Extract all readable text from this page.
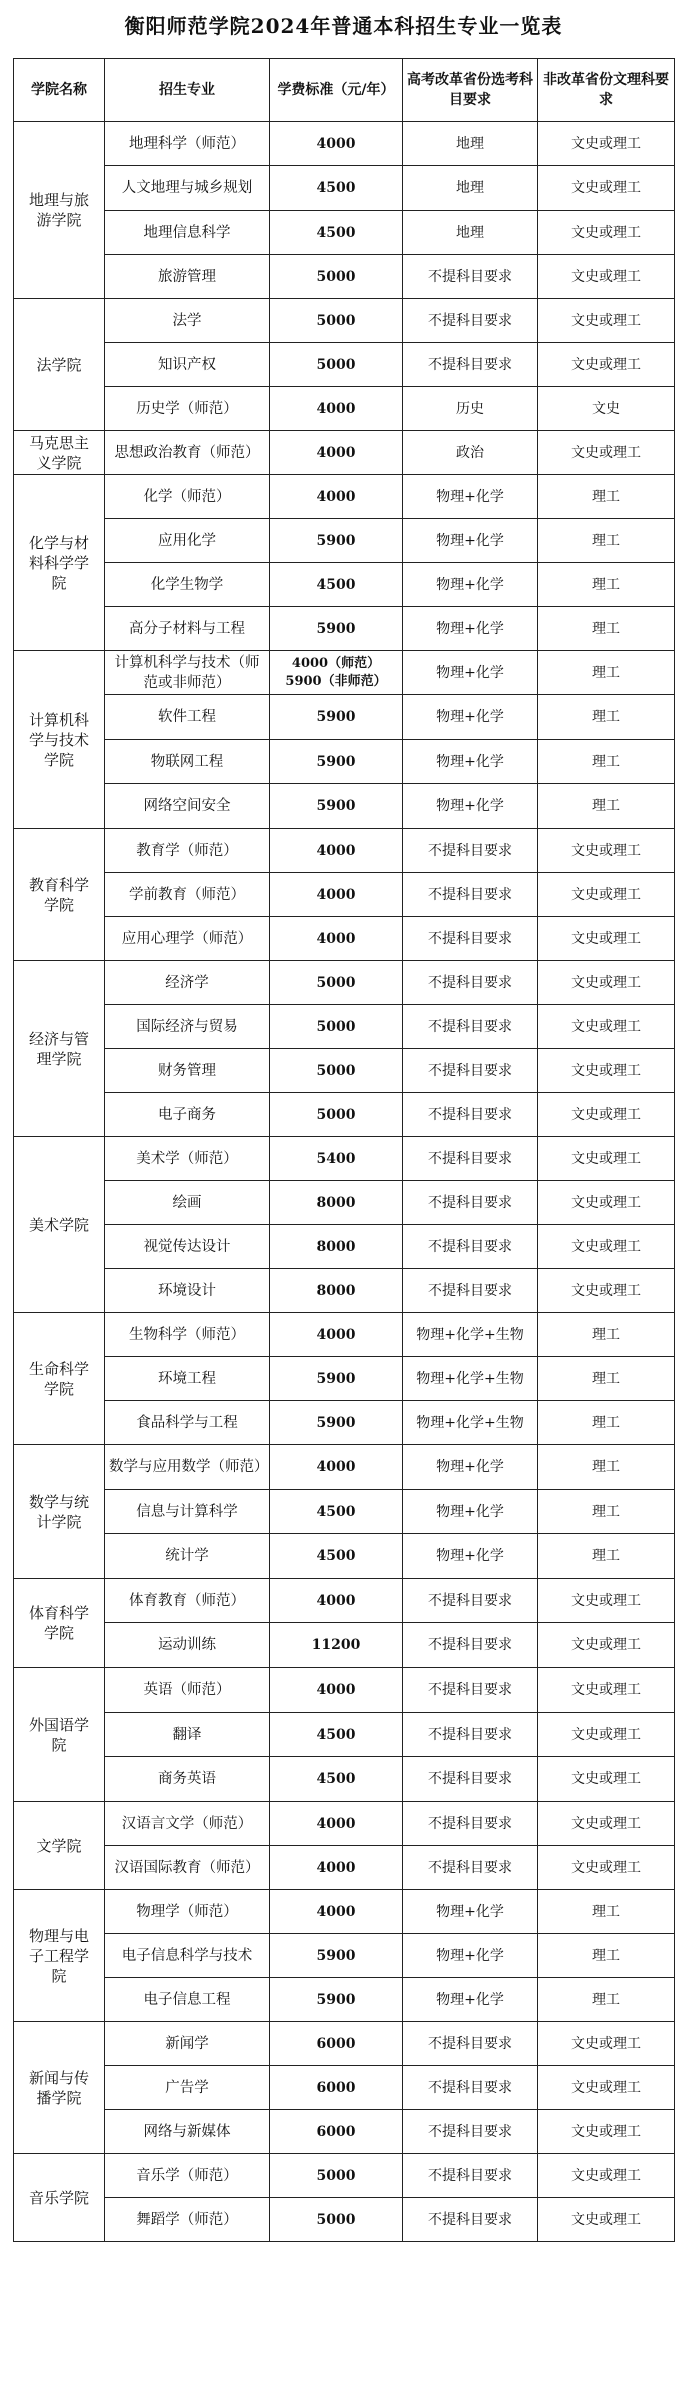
衡阳师范学院2024年普通本科招生专业一览表
学院名称	招生专业	学费标准（元/年）	高考改革省份选考科目要求	非改革省份文理科要求
地理与旅游学院	地理科学（师范）	4000	地理	文史或理工
	人文地理与城乡规划	4500	地理	文史或理工
	地理信息科学	4500	地理	文史或理工
	旅游管理	5000	不提科目要求	文史或理工
法学院	法学	5000	不提科目要求	文史或理工
	知识产权	5000	不提科目要求	文史或理工
	历史学（师范）	4000	历史	文史
马克思主义学院	思想政治教育（师范）	4000	政治	文史或理工
化学与材料科学学院	化学（师范）	4000	物理+化学	理工
	应用化学	5900	物理+化学	理工
	化学生物学	4500	物理+化学	理工
	高分子材料与工程	5900	物理+化学	理工
计算机科学与技术学院	计算机科学与技术（师范或非师范）	4000（师范）5900（非师范）	物理+化学	理工
	软件工程	5900	物理+化学	理工
	物联网工程	5900	物理+化学	理工
	网络空间安全	5900	物理+化学	理工
教育科学学院	教育学（师范）	4000	不提科目要求	文史或理工
	学前教育（师范）	4000	不提科目要求	文史或理工
	应用心理学（师范）	4000	不提科目要求	文史或理工
经济与管理学院	经济学	5000	不提科目要求	文史或理工
	国际经济与贸易	5000	不提科目要求	文史或理工
	财务管理	5000	不提科目要求	文史或理工
	电子商务	5000	不提科目要求	文史或理工
美术学院	美术学（师范）	5400	不提科目要求	文史或理工
	绘画	8000	不提科目要求	文史或理工
	视觉传达设计	8000	不提科目要求	文史或理工
	环境设计	8000	不提科目要求	文史或理工
生命科学学院	生物科学（师范）	4000	物理+化学+生物	理工
	环境工程	5900	物理+化学+生物	理工
	食品科学与工程	5900	物理+化学+生物	理工
数学与统计学院	数学与应用数学（师范）	4000	物理+化学	理工
	信息与计算科学	4500	物理+化学	理工
	统计学	4500	物理+化学	理工
体育科学学院	体育教育（师范）	4000	不提科目要求	文史或理工
	运动训练	11200	不提科目要求	文史或理工
外国语学院	英语（师范）	4000	不提科目要求	文史或理工
	翻译	4500	不提科目要求	文史或理工
	商务英语	4500	不提科目要求	文史或理工
文学院	汉语言文学（师范）	4000	不提科目要求	文史或理工
	汉语国际教育（师范）	4000	不提科目要求	文史或理工
物理与电子工程学院	物理学（师范）	4000	物理+化学	理工
	电子信息科学与技术	5900	物理+化学	理工
	电子信息工程	5900	物理+化学	理工
新闻与传播学院	新闻学	6000	不提科目要求	文史或理工
	广告学	6000	不提科目要求	文史或理工
	网络与新媒体	6000	不提科目要求	文史或理工
音乐学院	音乐学（师范）	5000	不提科目要求	文史或理工
	舞蹈学（师范）	5000	不提科目要求	文史或理工
